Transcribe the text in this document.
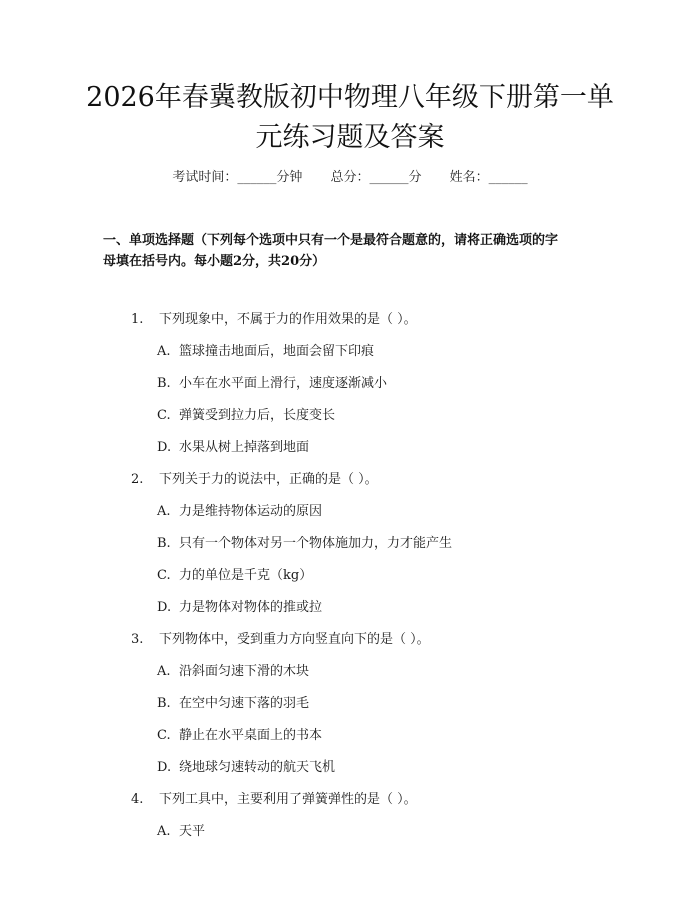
2026年春冀教版初中物理八年级下册第一单
元练习题及答案
考试时间：______分钟 总分：______分 姓名：______
一、单项选择题（下列每个选项中只有一个是最符合题意的，请将正确选项的字
母填在括号内。每小题2分，共20分）
1. 下列现象中，不属于力的作用效果的是（ ）。
A. 篮球撞击地面后，地面会留下印痕
B. 小车在水平面上滑行，速度逐渐减小
C. 弹簧受到拉力后，长度变长
D. 水果从树上掉落到地面
2. 下列关于力的说法中，正确的是（ ）。
A. 力是维持物体运动的原因
B. 只有一个物体对另一个物体施加力，力才能产生
C. 力的单位是千克（kg）
D. 力是物体对物体的推或拉
3. 下列物体中，受到重力方向竖直向下的是（ ）。
A. 沿斜面匀速下滑的木块
B. 在空中匀速下落的羽毛
C. 静止在水平桌面上的书本
D. 绕地球匀速转动的航天飞机
4. 下列工具中，主要利用了弹簧弹性的是（ ）。
A. 天平
